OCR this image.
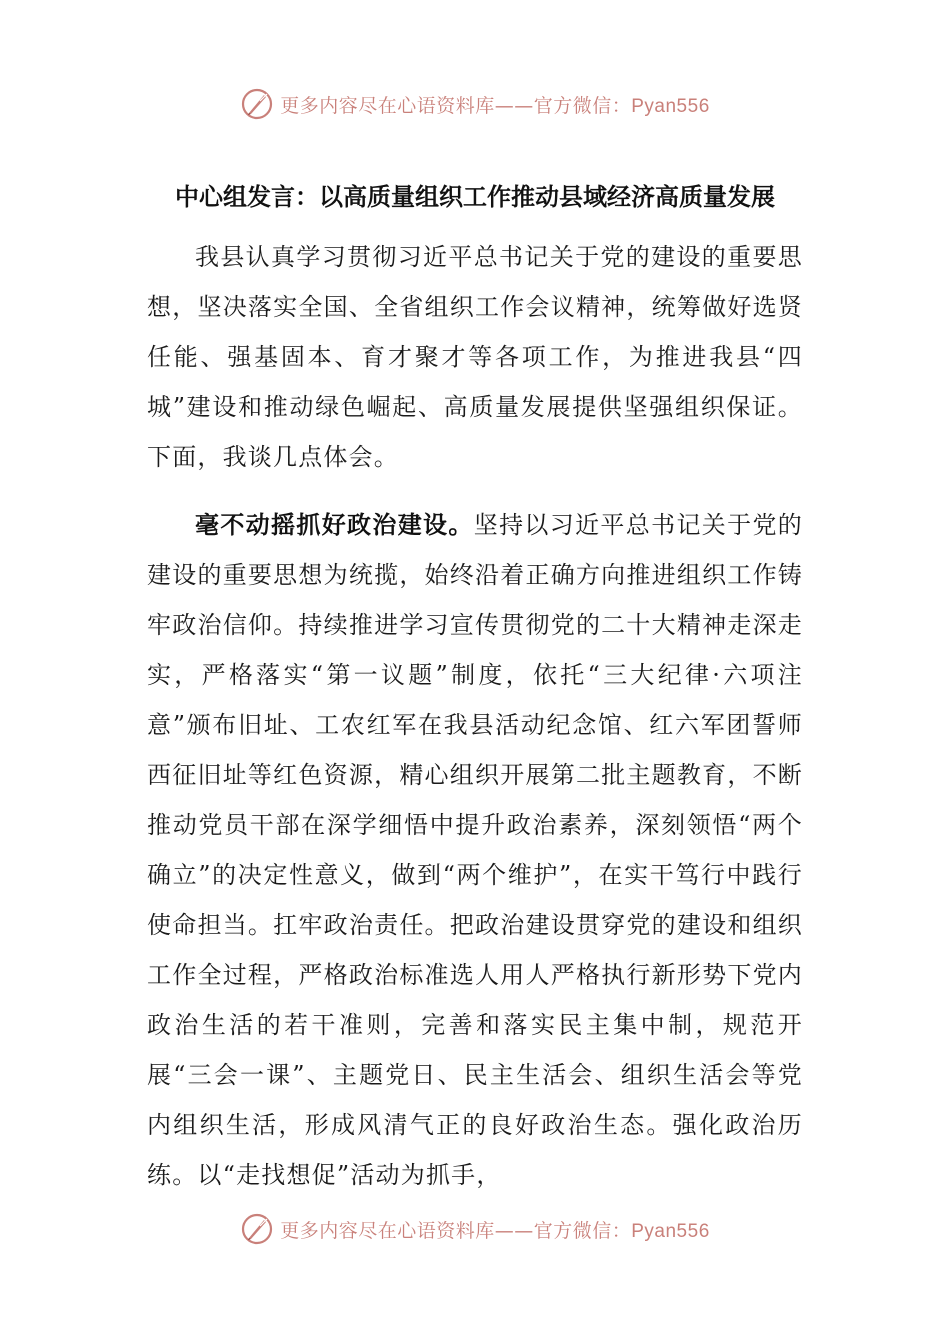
更多内容尽在心语资料库——官方微信：Pyan556
中心组发言：以高质量组织工作推动县域经济高质量发展

我县认真学习贯彻习近平总书记关于党的建设的重要思想，坚决落实全国、全省组织工作会议精神，统筹做好选贤任能、强基固本、育才聚才等各项工作，为推进我县“四城”建设和推动绿色崛起、高质量发展提供坚强组织保证。下面，我谈几点体会。

毫不动摇抓好政治建设。坚持以习近平总书记关于党的建设的重要思想为统揽，始终沿着正确方向推进组织工作铸牢政治信仰。持续推进学习宣传贯彻党的二十大精神走深走实，严格落实“第一议题”制度，依托“三大纪律·六项注意”颁布旧址、工农红军在我县活动纪念馆、红六军团誓师西征旧址等红色资源，精心组织开展第二批主题教育，不断推动党员干部在深学细悟中提升政治素养，深刻领悟“两个确立”的决定性意义，做到“两个维护”，在实干笃行中践行使命担当。扛牢政治责任。把政治建设贯穿党的建设和组织工作全过程，严格政治标准选人用人严格执行新形势下党内政治生活的若干准则，完善和落实民主集中制，规范开展“三会一课”、主题党日、民主生活会、组织生活会等党内组织生活，形成风清气正的良好政治生态。强化政治历练。以“走找想促”活动为抓手，

更多内容尽在心语资料库——官方微信：Pyan556
